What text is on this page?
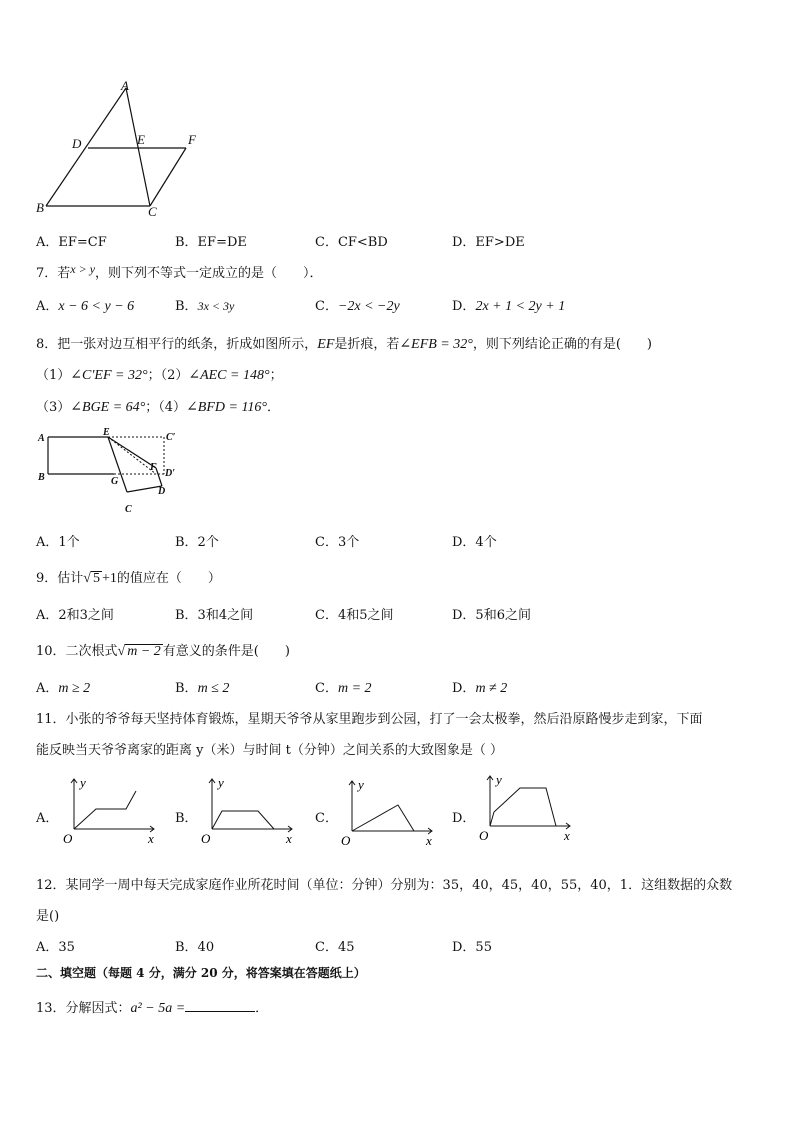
A
D	E	F
B	C
A．EF=CF	B．EF=DE	C．CF<BD	D．EF>DE
7．若x > y，则下列不等式一定成立的是（　　）．
A．x − 6 < y − 6	B．3x < 3y	C．−2x < −2y	D．2x + 1 < 2y + 1
8．把一张对边互相平行的纸条，折成如图所示，EF是折痕，若∠EFB = 32°，则下列结论正确的有是(　　)
（1）∠C′EF = 32°；（2）∠AEC = 148°；
（3）∠BGE = 64°；（4）∠BFD = 116°．
A
B
E	C′
F
D′
G
D
C
A．1个	B．2个	C．3个	D．4个
9．估计√ 5 +1的值应在（　　）
A．2和3之间	B．3和4之间	C．4和5之间	D．5和6之间
10．二次根式√ m − 2 有意义的条件是(　　)
A．m ≥ 2	B．m ≤ 2	C．m = 2	D．m ≠ 2
11．小张的爷爷每天坚持体育锻炼，星期天爷爷从家里跑步到公园，打了一会太极拳，然后沿原路慢步走到家，下面
能反映当天爷爷离家的距离 y（米）与时间 t（分钟）之间关系的大致图象是（ ）
A．
O	x
y
B．
O	x
y
C．
O	x
y
D．
O	x
y
12．某同学一周中每天完成家庭作业所花时间（单位：分钟）分别为：35，40，45，40，55，40，1．这组数据的众数
是()
A．35	B．40	C．45	D．55
二、填空题（每题 4 分，满分 20 分，将答案填在答题纸上）
13．分解因式：a² − 5a =	．
